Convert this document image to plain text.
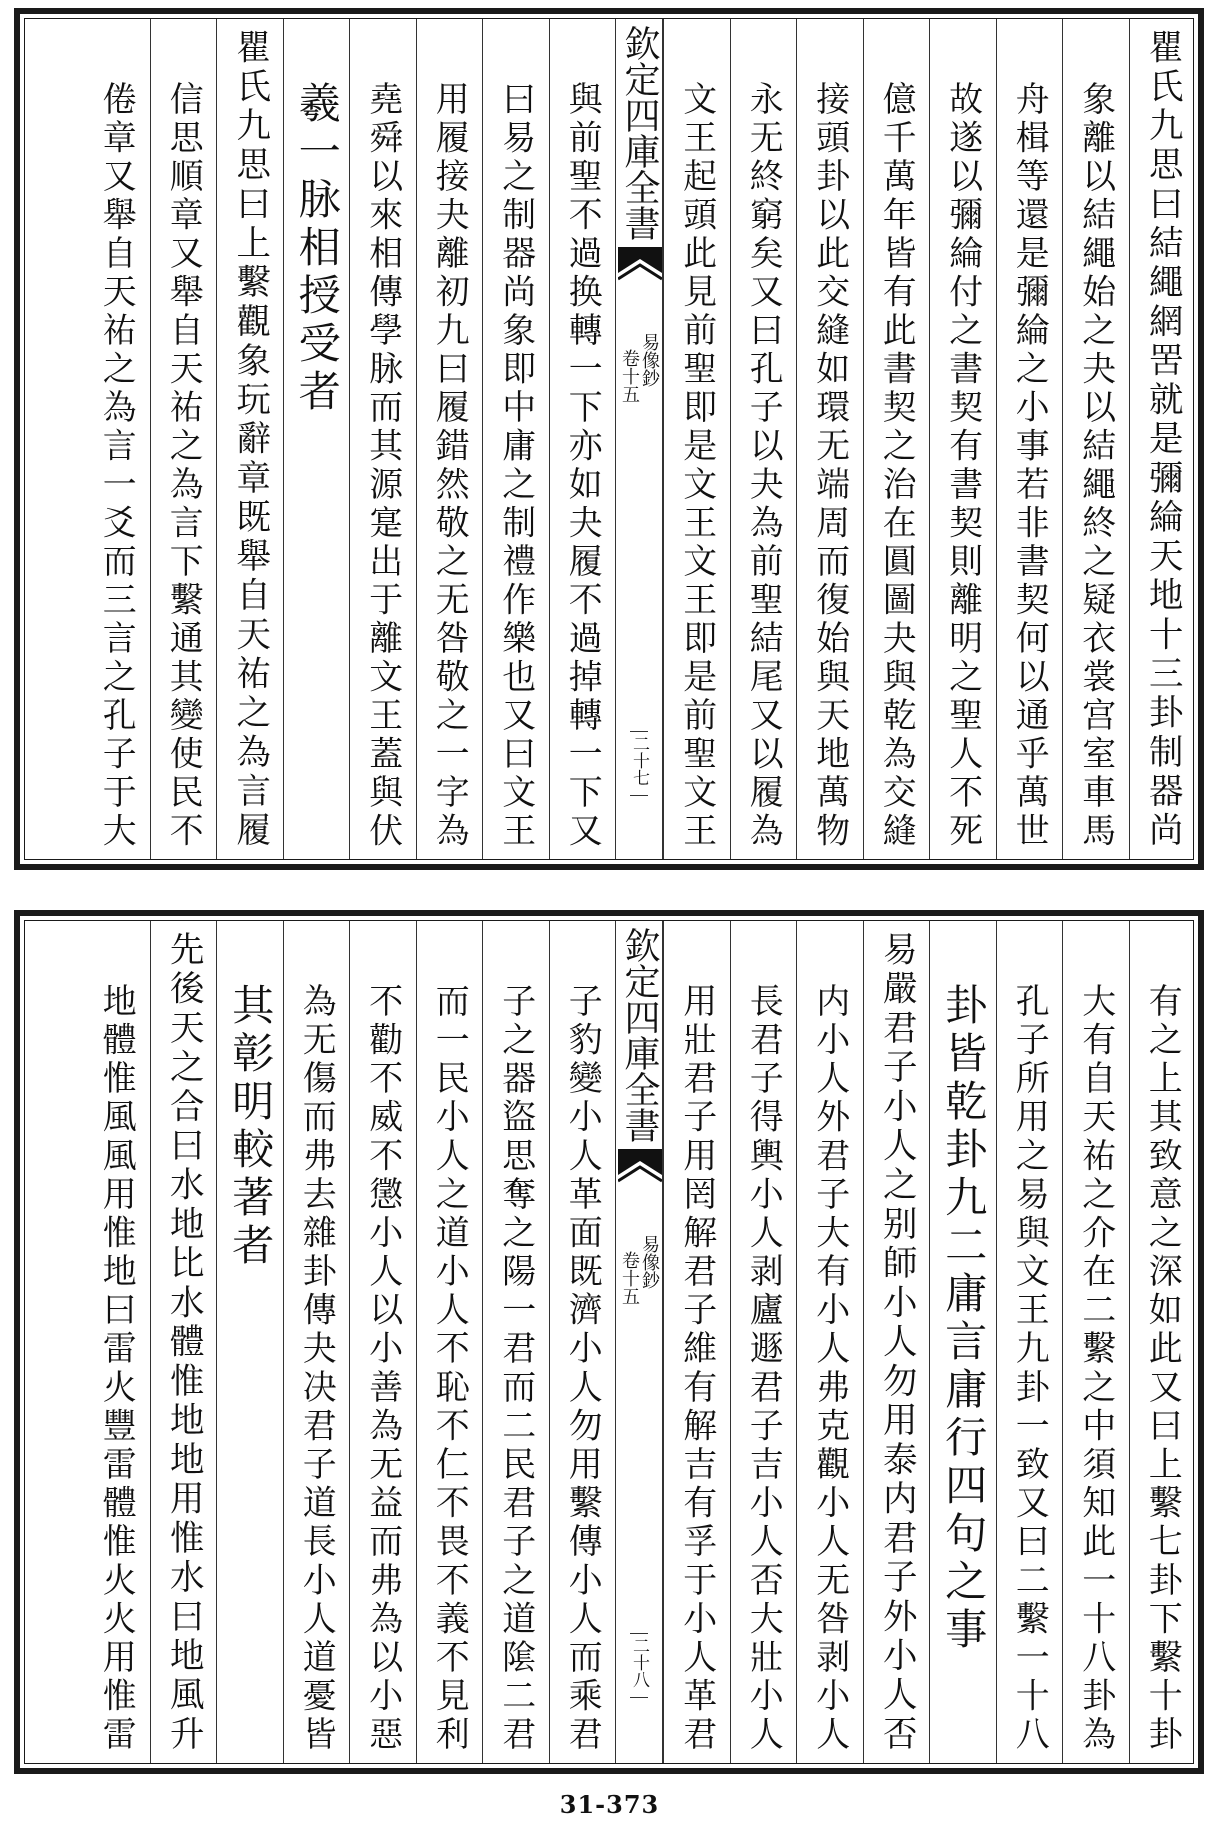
瞿氏九思曰結繩網罟就是彌綸天地十三卦制器尚
象離以結繩始之夬以結繩終之疑衣裳宫室車馬
舟楫等還是彌綸之小事若非書契何以通乎萬世
故遂以彌綸付之書契有書契則離明之聖人不死
億千萬年皆有此書契之治在圓圖夬與乾為交縫
接頭卦以此交縫如環无端周而復始與天地萬物
永无終窮矣又曰孔子以夬為前聖結尾又以履為
文王起頭此見前聖即是文王文王即是前聖文王
欽定四庫全書
易像鈔
卷十五
二十七
與前聖不過换轉一下亦如夬履不過掉轉一下又
曰易之制器尚象即中庸之制禮作樂也又曰文王
用履接夬離初九曰履錯然敬之无咎敬之一字為
堯舜以來相傳學脉而其源寔出于離文王蓋與伏
羲一脉相授受者
瞿氏九思曰上繫觀象玩辭章既舉自天祐之為言履
信思順章又舉自天祐之為言下繫通其變使民不
倦章又舉自天祐之為言一爻而三言之孔子于大
有之上其致意之深如此又曰上繫七卦下繫十卦
大有自天祐之介在二繫之中須知此一十八卦為
孔子所用之易與文王九卦一致又曰二繫一十八
卦皆乾卦九二庸言庸行四句之事
易嚴君子小人之别師小人勿用泰内君子外小人否
内小人外君子大有小人弗克觀小人无咎剥小人
長君子得輿小人剥廬遯君子吉小人否大壯小人
用壯君子用罔解君子維有解吉有孚于小人革君
欽定四庫全書
易像鈔
卷十五
二十八
子豹變小人革面既濟小人勿用繫傳小人而乘君
子之器盜思奪之陽一君而二民君子之道隂二君
而一民小人之道小人不恥不仁不畏不義不見利
不勸不威不懲小人以小善為无益而弗為以小惡
為无傷而弗去雜卦傳夬决君子道長小人道憂皆
其彰明較著者
先後天之合曰水地比水體惟地地用惟水曰地風升
地體惟風風用惟地曰雷火豐雷體惟火火用惟雷
31-373
